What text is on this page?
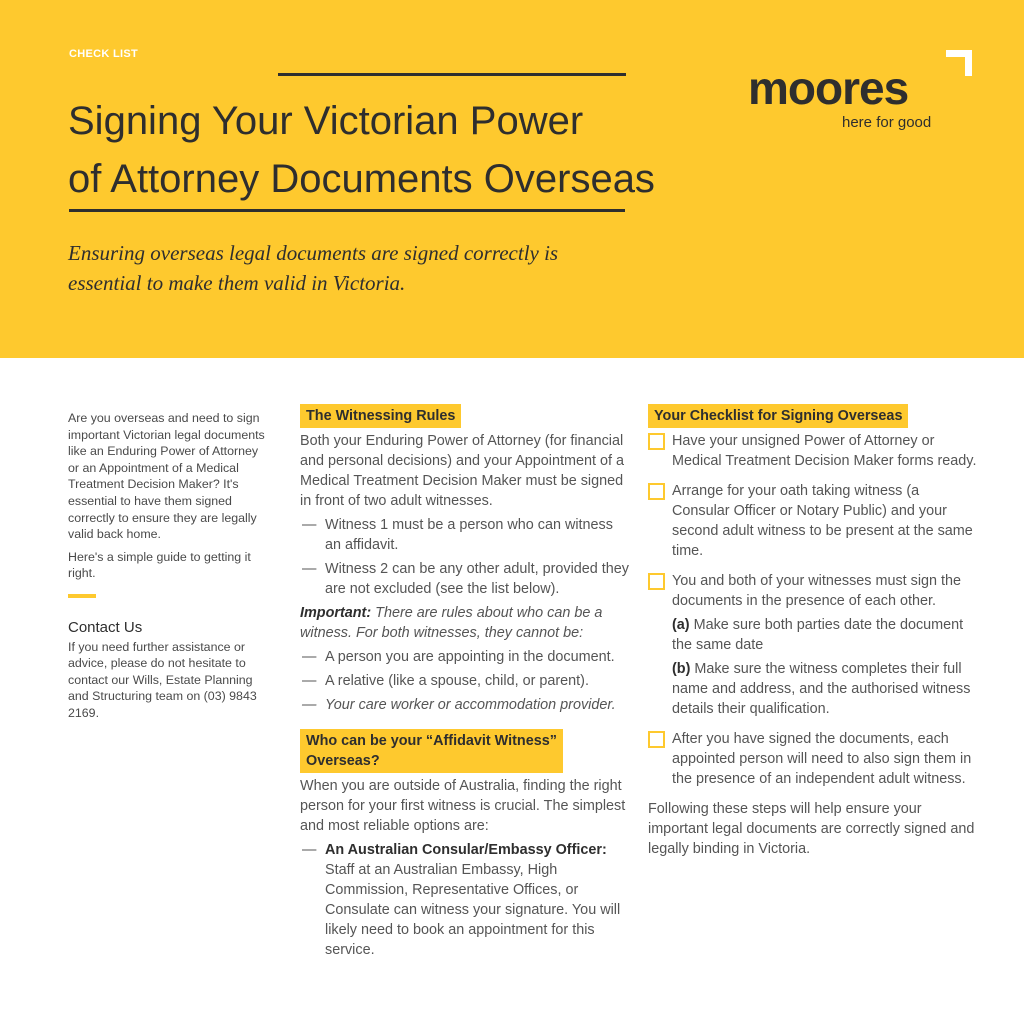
CHECK LIST
Signing Your Victorian Power
of Attorney Documents Overseas
Ensuring overseas legal documents are signed correctly is essential to make them valid in Victoria.
moores
here for good

Are you overseas and need to sign important Victorian legal documents like an Enduring Power of Attorney or an Appointment of a Medical Treatment Decision Maker? It's essential to have them signed correctly to ensure they are legally valid back home.

Here's a simple guide to getting it right.

Contact Us

If you need further assistance or advice, please do not hesitate to contact our Wills, Estate Planning and Structuring team on (03) 9843 2169.

The Witnessing Rules
Both your Enduring Power of Attorney (for financial and personal decisions) and your Appointment of a Medical Treatment Decision Maker must be signed in front of two adult witnesses.
— Witness 1 must be a person who can witness an affidavit.
— Witness 2 can be any other adult, provided they are not excluded (see the list below).
Important: There are rules about who can be a witness. For both witnesses, they cannot be:
— A person you are appointing in the document.
— A relative (like a spouse, child, or parent).
— Your care worker or accommodation provider.
Who can be your “Affidavit Witness”
Overseas?
When you are outside of Australia, finding the right person for your first witness is crucial. The simplest and most reliable options are:
— An Australian Consular/Embassy Officer: Staff at an Australian Embassy, High Commission, Representative Offices, or Consulate can witness your signature. You will likely need to book an appointment for this service.
Your Checklist for Signing Overseas
Have your unsigned Power of Attorney or Medical Treatment Decision Maker forms ready.
Arrange for your oath taking witness (a Consular Officer or Notary Public) and your second adult witness to be present at the same time.
You and both of your witnesses must sign the documents in the presence of each other.
(a) Make sure both parties date the document the same date
(b) Make sure the witness completes their full name and address, and the authorised witness details their qualification.
After you have signed the documents, each appointed person will need to also sign them in the presence of an independent adult witness.
Following these steps will help ensure your important legal documents are correctly signed and legally binding in Victoria.
